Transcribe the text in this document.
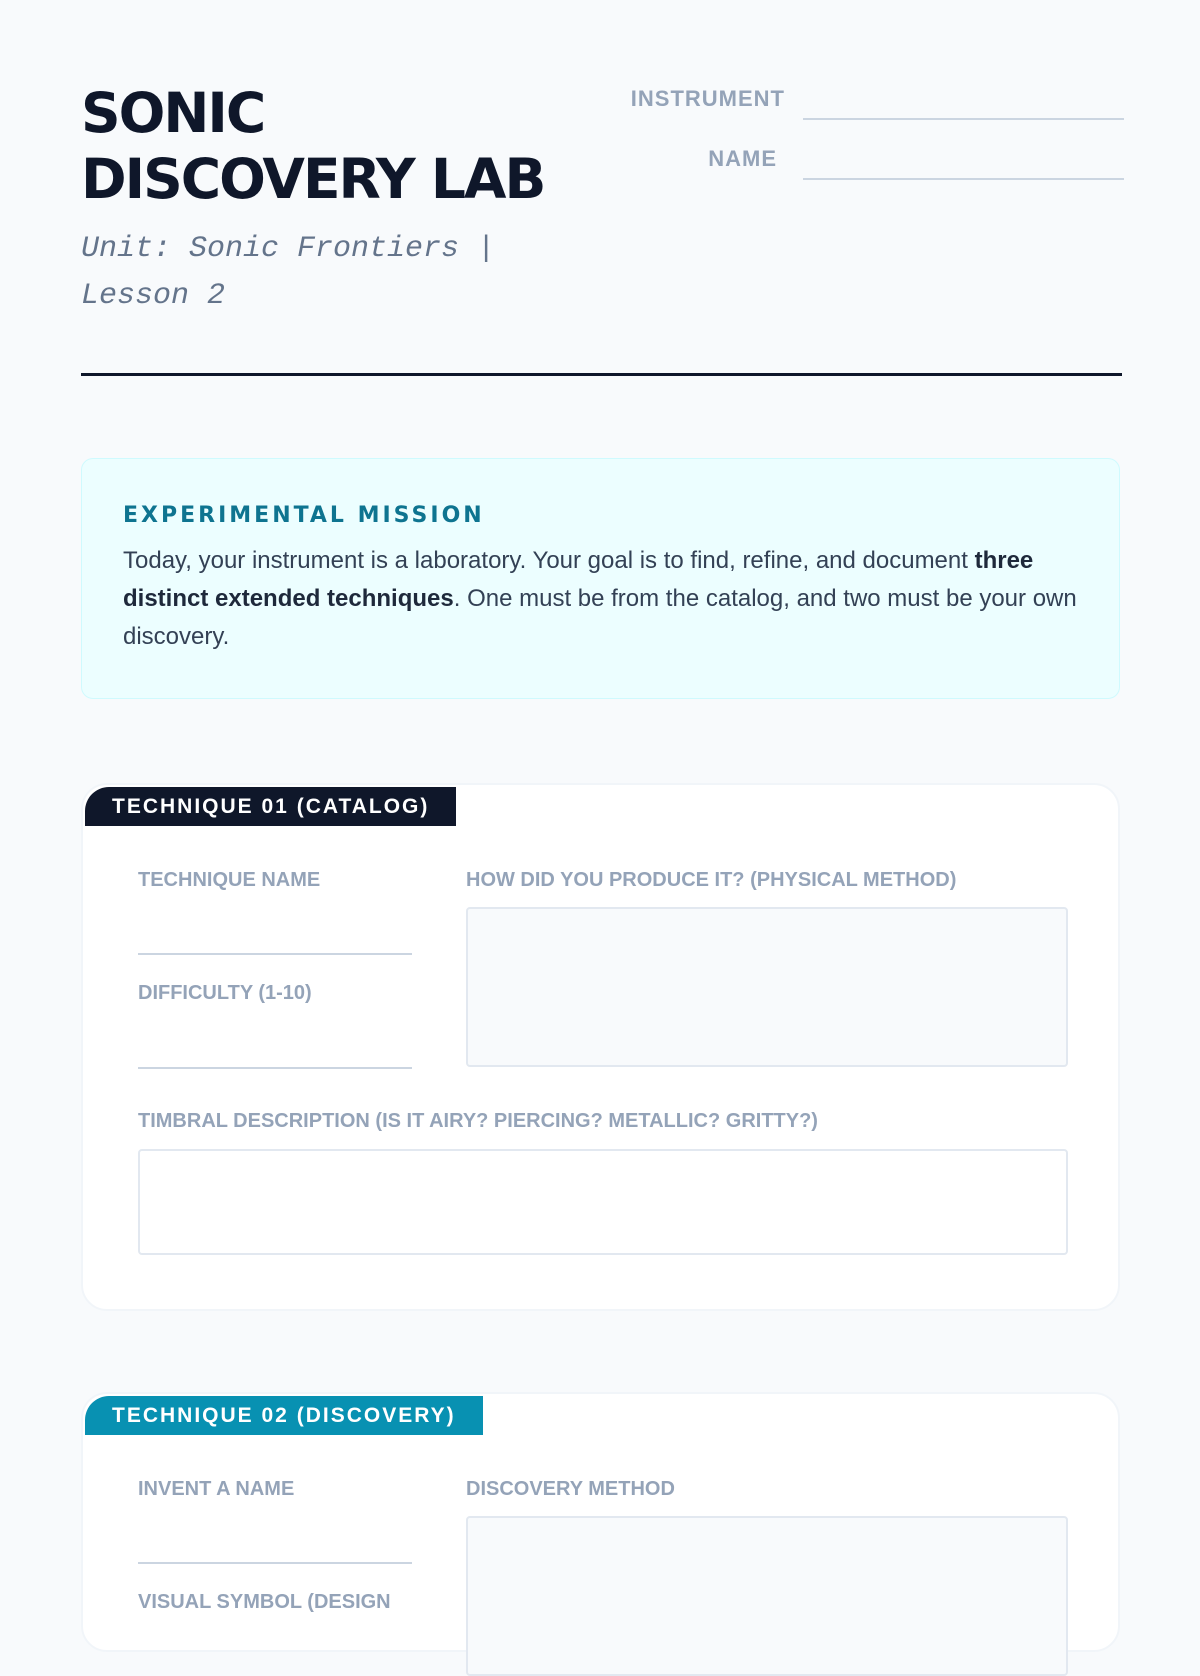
SONIC DISCOVERY LAB
Unit: Sonic Frontiers | Lesson 2
INSTRUMENT
NAME
EXPERIMENTAL MISSION
Today, your instrument is a laboratory. Your goal is to find, refine, and document three distinct extended techniques. One must be from the catalog, and two must be your own discovery.
TECHNIQUE 01 (CATALOG)
TECHNIQUE NAME
DIFFICULTY (1-10)
HOW DID YOU PRODUCE IT? (PHYSICAL METHOD)
TIMBRAL DESCRIPTION (IS IT AIRY? PIERCING? METALLIC? GRITTY?)
TECHNIQUE 02 (DISCOVERY)
INVENT A NAME
VISUAL SYMBOL (DESIGN
DISCOVERY METHOD
